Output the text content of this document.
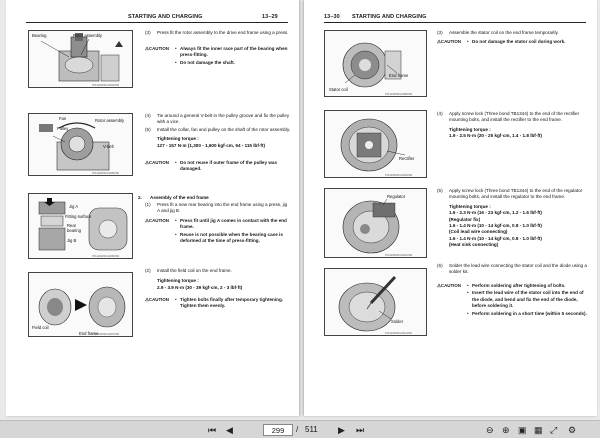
STARTING AND CHARGING	13–29
Bearing	Rotor assembly
9Y1110403CL1004US0
Fan
Pulley
Rotor assembly
V-belt
9Y1110403CL1005US0
Jig A
Fitting surface
Rear bearing
Jig B
9Y1110403CL1006US0
Field coil
End frame
9Y1110403CL1007US0
(3)	Press fit the rotor assembly to the drive end frame using a press.
⚠CAUTION	• Always fit the inner race part of the bearing when press-fitting.
• Do not damage the shaft.
(4)	Tie around a general V-belt in the pulley groove and fix the pulley with a vice.
(5)	Install the collar, fan and pulley on the shaft of the rotor assembly.
Tightening torque :
127 - 157 N·m (1,300 - 1,600 kgf·cm, 94 - 115 lbf·ft)
⚠CAUTION	• Do not reuse if outer frame of the pulley was damaged.
2.	Assembly of the end frame
(1)	Press fit a new rear bearing into the end frame using a press, jig A and jig B.
⚠CAUTION	• Press fit until jig A comes in contact with the end frame.
• Reuse is not possible when the bearing case is deformed at the time of press-fitting.
(2)	Install the field coil on the end frame.
Tightening torque :
2.9 - 3.9 N·m (30 - 39 kgf·cm, 2 - 3 lbf·ft)
⚠CAUTION	• Tighten bolts finally after temporary tightening. Tighten them evenly.
13–30 STARTING AND CHARGING
Stator coil
End frame
9Y1110403CL1008US0
Rectifier
9Y1110403CL1009US0
Regulator
9Y1110403CL1010US0
Solder
9Y1110403CL1011US0
(3)	Assemble the stator coil on the end frame temporarily.
⚠CAUTION	• Do not damage the stator coil during work.
(4)	Apply screw lock (Three bond TB1344) to the end of the rectifier mounting bolts, and install the rectifier to the end frame.
Tightening torque :
1.9 - 2.5 N·m (20 - 25 kgf·cm, 1.4 - 1.8 lbf·ft)
(5)	Apply screw lock (Three bond TB1344) to the end of the regulator mounting bolts, and install the regulator to the end frame.
Tightening torque :
1.6 - 2.3 N·m (16 - 23 kgf·cm, 1.2 - 1.6 lbf·ft)
(Regulator fix)
1.6 - 1.4 N·m (10 - 14 kgf·cm, 0.8 - 1.0 lbf·ft)
(Coil lead wire connecting)
1.6 - 1.4 N·m (10 - 14 kgf·cm, 0.8 - 1.0 lbf·ft)
(Heat sink connecting)
(6)	Solder the lead wire connecting the stator coil and the diode using a solder kit.
⚠CAUTION	• Perform soldering after tightening of bolts.
• Insert the lead wire of the stator coil into the end of the diode, and bend and fix the end of the diode, before soldering it.
• Perform soldering in a short time (within 5 seconds).
⏮ ◀	299	/ 511 ▶ ⏭	⊖ ⊕ ▣ ▦ ⤢ ⚙
